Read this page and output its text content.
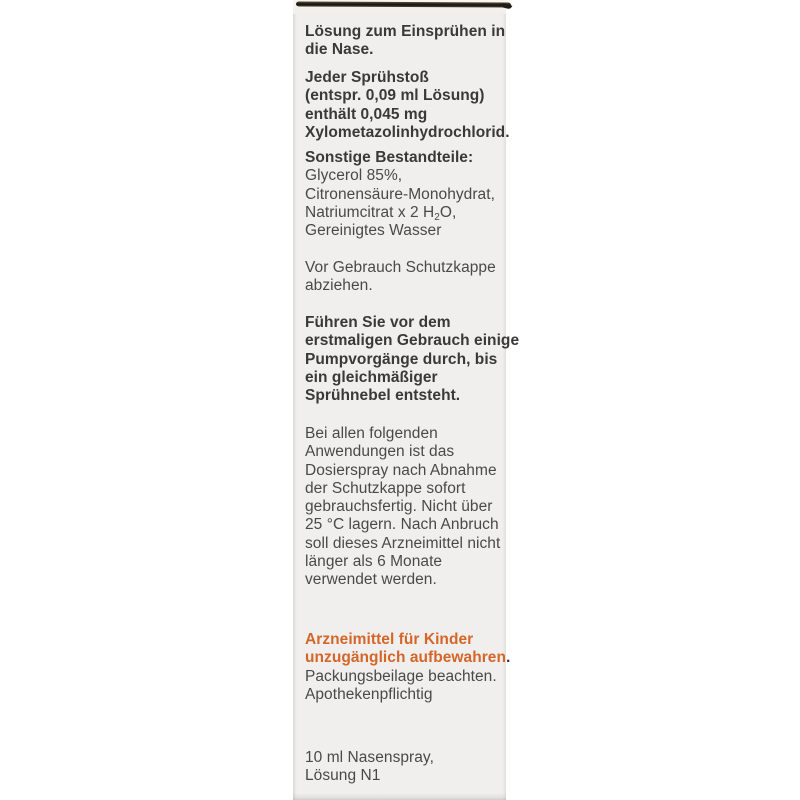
Lösung zum Einsprühen in
die Nase.
Jeder Sprühstoß
(entspr. 0,09 ml Lösung)
enthält 0,045 mg
Xylometazolinhydrochlorid.
Sonstige Bestandteile:
Glycerol 85%,
Citronensäure-Monohydrat,
Natriumcitrat x 2 $H_2O$,
Gereinigtes Wasser
Vor Gebrauch Schutzkappe
abziehen.
Führen Sie vor dem
erstmaligen Gebrauch einige
Pumpvorgänge durch, bis
ein gleichmäßiger
Sprühnebel entsteht.
Bei allen folgenden
Anwendungen ist das
Dosierspray nach Abnahme
der Schutzkappe sofort
gebrauchsfertig. Nicht über
25 °C lagern. Nach Anbruch
soll dieses Arzneimittel nicht
länger als 6 Monate
verwendet werden.
Arzneimittel für Kinder
unzugänglich aufbewahren.
Packungsbeilage beachten.
Apothekenpflichtig
10 ml Nasenspray,
Lösung N1
